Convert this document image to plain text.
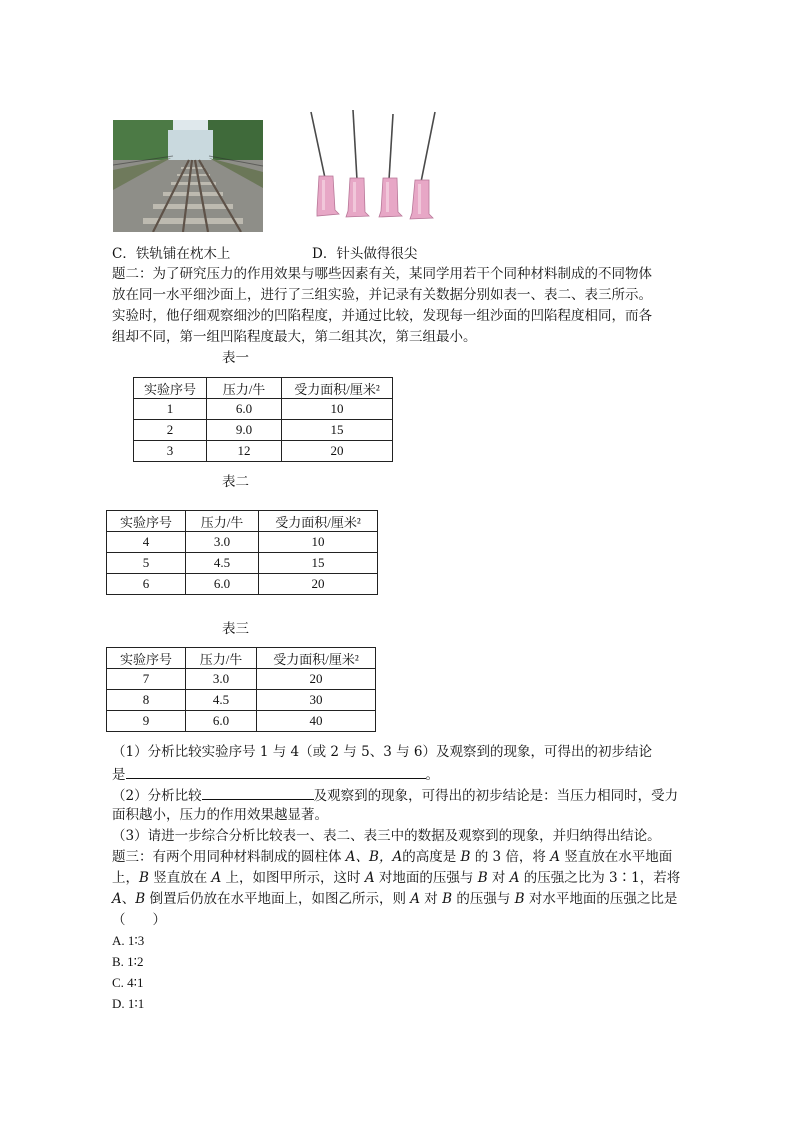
C．铁轨铺在枕木上	D．针头做得很尖
题二：为了研究压力的作用效果与哪些因素有关，某同学用若干个同种材料制成的不同物体
放在同一水平细沙面上，进行了三组实验，并记录有关数据分别如表一、表二、表三所示。
实验时，他仔细观察细沙的凹陷程度，并通过比较，发现每一组沙面的凹陷程度相同，而各
组却不同，第一组凹陷程度最大，第二组其次，第三组最小。
表一
实验序号	压力/牛	受力面积/厘米²
1	6.0	10
2	9.0	15
3	12	20
表二
实验序号	压力/牛	受力面积/厘米²
4	3.0	10
5	4.5	15
6	6.0	20
表三
实验序号	压力/牛	受力面积/厘米²
7	3.0	20
8	4.5	30
9	6.0	40
（1）分析比较实验序号 1 与 4（或 2 与 5、3 与 6）及观察到的现象，可得出的初步结论
是	。
（2）分析比较	及观察到的现象，可得出的初步结论是：当压力相同时，受力
面积越小，压力的作用效果越显著。
（3）请进一步综合分析比较表一、表二、表三中的数据及观察到的现象，并归纳得出结论。
题三：有两个用同种材料制成的圆柱体 A、B，A的高度是 B 的 3 倍，将 A 竖直放在水平地面
上，B 竖直放在 A 上，如图甲所示，这时 A 对地面的压强与 B 对 A 的压强之比为 3∶1，若将
A、B 倒置后仍放在水平地面上，如图乙所示，则 A 对 B 的压强与 B 对水平地面的压强之比是
（　　）
A. 1∶3
B. 1∶2
C. 4∶1
D. 1∶1
